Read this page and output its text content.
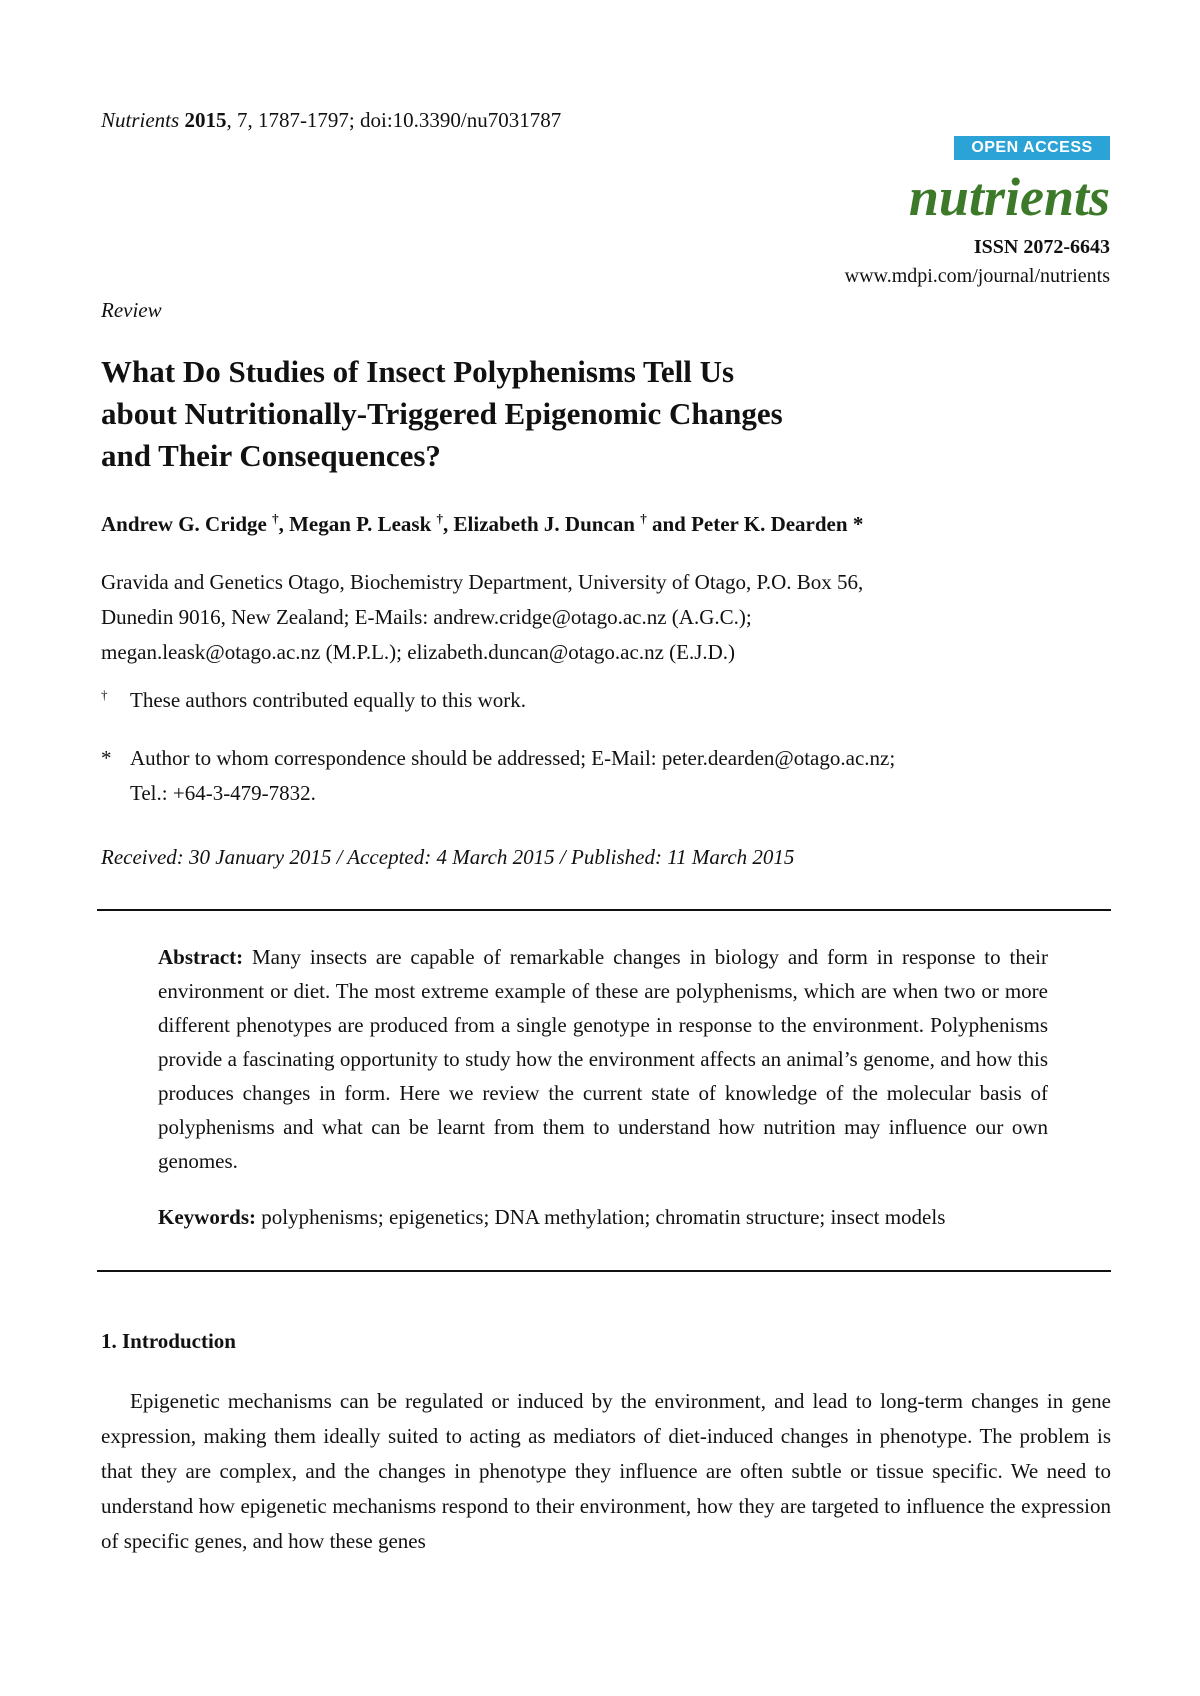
Nutrients 2015, 7, 1787-1797; doi:10.3390/nu7031787
OPEN ACCESS
nutrients
ISSN 2072-6643
www.mdpi.com/journal/nutrients
Review
What Do Studies of Insect Polyphenisms Tell Us
about Nutritionally-Triggered Epigenomic Changes
and Their Consequences?
Andrew G. Cridge †, Megan P. Leask †, Elizabeth J. Duncan † and Peter K. Dearden *
Gravida and Genetics Otago, Biochemistry Department, University of Otago, P.O. Box 56,
Dunedin 9016, New Zealand; E-Mails: andrew.cridge@otago.ac.nz (A.G.C.);
megan.leask@otago.ac.nz (M.P.L.); elizabeth.duncan@otago.ac.nz (E.J.D.)
† These authors contributed equally to this work.
* Author to whom correspondence should be addressed; E-Mail: peter.dearden@otago.ac.nz;
Tel.: +64-3-479-7832.
Received: 30 January 2015 / Accepted: 4 March 2015 / Published: 11 March 2015

Abstract: Many insects are capable of remarkable changes in biology and form in response to their environment or diet. The most extreme example of these are polyphenisms, which are when two or more different phenotypes are produced from a single genotype in response to the environment. Polyphenisms provide a fascinating opportunity to study how the environment affects an animal’s genome, and how this produces changes in form. Here we review the current state of knowledge of the molecular basis of polyphenisms and what can be learnt from them to understand how nutrition may influence our own genomes.

Keywords: polyphenisms; epigenetics; DNA methylation; chromatin structure; insect models
1. Introduction

Epigenetic mechanisms can be regulated or induced by the environment, and lead to long-term changes in gene expression, making them ideally suited to acting as mediators of diet-induced changes in phenotype. The problem is that they are complex, and the changes in phenotype they influence are often subtle or tissue specific. We need to understand how epigenetic mechanisms respond to their environment, how they are targeted to influence the expression of specific genes, and how these genes
